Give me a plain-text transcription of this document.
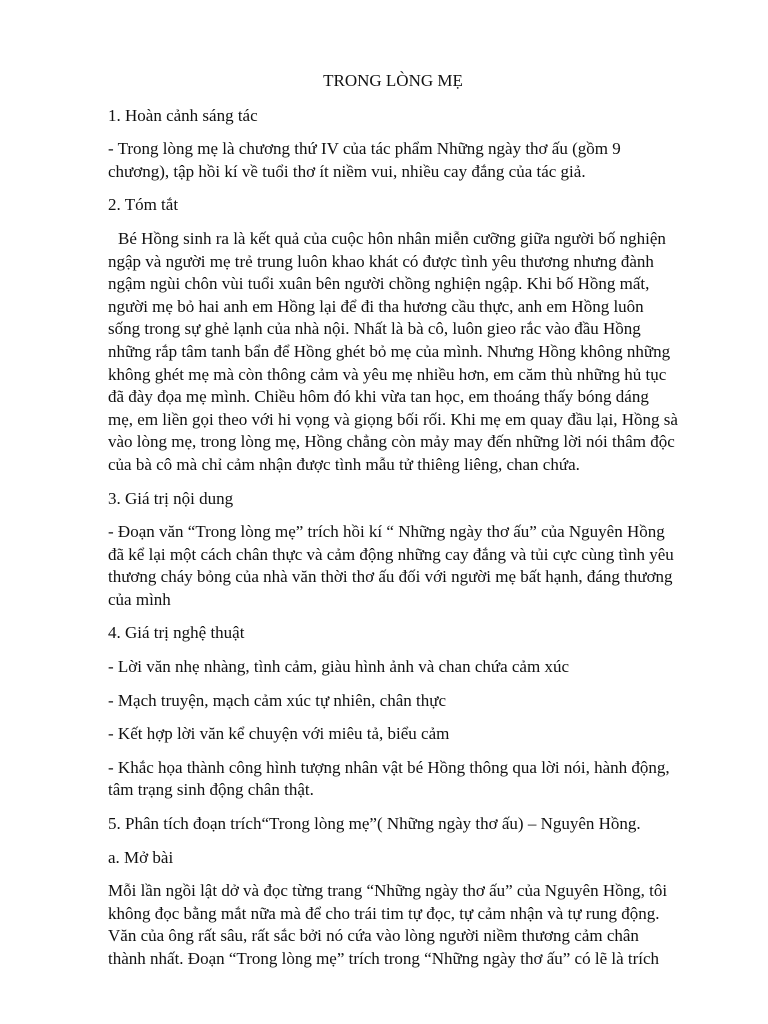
TRONG LÒNG MẸ
1. Hoàn cảnh sáng tác
- Trong lòng mẹ là chương thứ IV của tác phẩm Những ngày thơ ấu (gồm 9 chương), tập hồi kí về tuổi thơ ít niềm vui, nhiều cay đắng của tác giả.
2. Tóm tắt
Bé Hồng sinh ra là kết quả của cuộc hôn nhân miễn cưỡng giữa người bố nghiện ngập và người mẹ trẻ trung luôn khao khát có được tình yêu thương nhưng đành ngậm ngùi chôn vùi tuổi xuân bên người chồng nghiện ngập. Khi bố Hồng mất, người mẹ bỏ hai anh em Hồng lại để đi tha hương cầu thực, anh em Hồng luôn sống trong sự ghẻ lạnh của nhà nội. Nhất là bà cô, luôn gieo rắc vào đầu Hồng những rắp tâm tanh bẩn để Hồng ghét bỏ mẹ của mình. Nhưng Hồng không những không ghét mẹ mà còn thông cảm và yêu mẹ nhiều hơn, em căm thù những hủ tục đã đày đọa mẹ mình. Chiều hôm đó khi vừa tan học, em thoáng thấy bóng dáng mẹ, em liền gọi theo với hi vọng và giọng bối rối. Khi mẹ em quay đầu lại, Hồng sà vào lòng mẹ, trong lòng mẹ, Hồng chẳng còn mảy may đến những lời nói thâm độc của bà cô mà chỉ cảm nhận được tình mẫu tử thiêng liêng, chan chứa.
3. Giá trị nội dung
- Đoạn văn “Trong lòng mẹ” trích hồi kí “ Những ngày thơ ấu” của Nguyên Hồng đã kể lại một cách chân thực và cảm động những cay đắng và tủi cực cùng tình yêu thương cháy bỏng của nhà văn thời thơ ấu đối với người mẹ bất hạnh, đáng thương của mình
4. Giá trị nghệ thuật
- Lời văn nhẹ nhàng, tình cảm, giàu hình ảnh và chan chứa cảm xúc
- Mạch truyện, mạch cảm xúc tự nhiên, chân thực
- Kết hợp lời văn kể chuyện với miêu tả, biểu cảm
- Khắc họa thành công hình tượng nhân vật bé Hồng thông qua lời nói, hành động, tâm trạng sinh động chân thật.
5. Phân tích đoạn trích“Trong lòng mẹ”( Những ngày thơ ấu) – Nguyên Hồng.
a. Mở bài
Mỗi lần ngồi lật dở và đọc từng trang “Những ngày thơ ấu” của Nguyên Hồng, tôi không đọc bằng mắt nữa mà để cho trái tim tự đọc, tự cảm nhận và tự rung động. Văn của ông rất sâu, rất sắc bởi nó cứa vào lòng người niềm thương cảm chân thành nhất. Đoạn “Trong lòng mẹ” trích trong “Những ngày thơ ấu” có lẽ là trích
